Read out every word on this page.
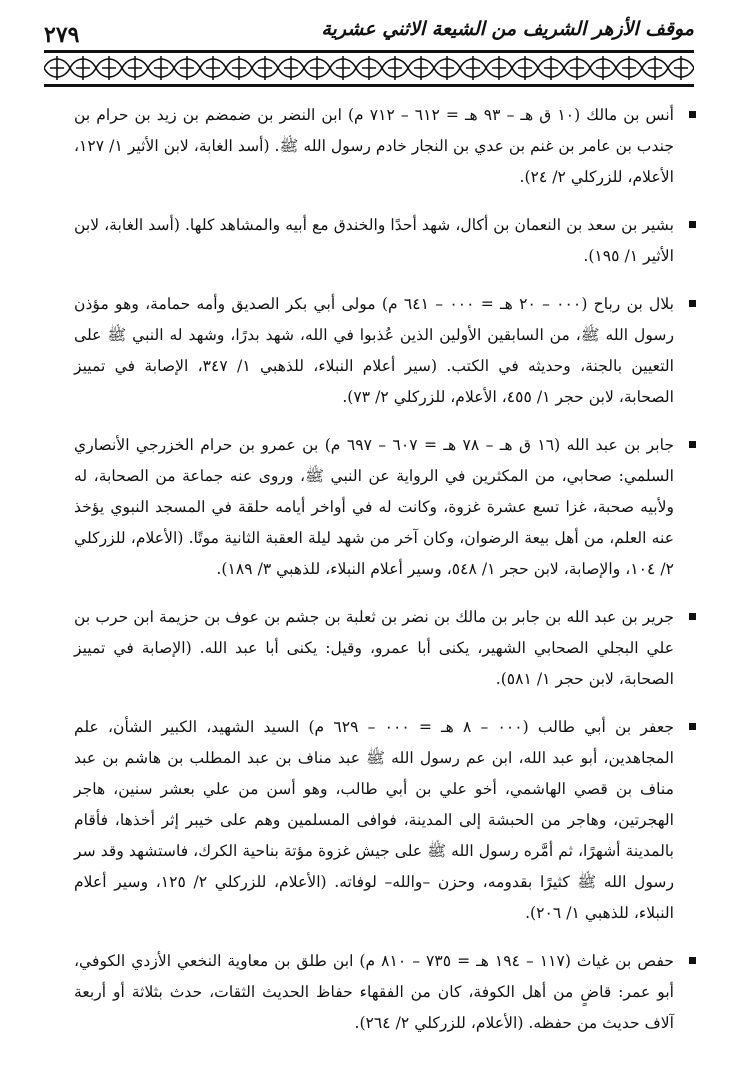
٢٧٩	موقف الأزهر الشريف من الشيعة الاثني عشرية
أنس بن مالك (١٠ ق هـ – ٩٣ هـ = ٦١٢ – ٧١٢ م) ابن النضر بن ضمضم بن زيد بن حرام بن جندب بن عامر بن غنم بن عدي بن النجار خادم رسول الله ﷺ. (أسد الغابة، لابن الأثير ١/ ١٢٧، الأعلام، للزركلي ٢/ ٢٤).
بشير بن سعد بن النعمان بن أكال، شهد أحدًا والخندق مع أبيه والمشاهد كلها. (أسد الغابة، لابن الأثير ١/ ١٩٥).
بلال بن رباح (٠٠٠ – ٢٠ هـ = ٠٠٠ – ٦٤١ م) مولى أبي بكر الصديق وأمه حمامة، وهو مؤذن رسول الله ﷺ، من السابقين الأولين الذين عُذبوا في الله، شهد بدرًا، وشهد له النبي ﷺ على التعيين بالجنة، وحديثه في الكتب. (سير أعلام النبلاء، للذهبي ١/ ٣٤٧، الإصابة في تمييز الصحابة، لابن حجر ١/ ٤٥٥، الأعلام، للزركلي ٢/ ٧٣).
جابر بن عبد الله (١٦ ق هـ – ٧٨ هـ = ٦٠٧ – ٦٩٧ م) بن عمرو بن حرام الخزرجي الأنصاري السلمي: صحابي، من المكثرين في الرواية عن النبي ﷺ، وروى عنه جماعة من الصحابة، له ولأبيه صحبة، غزا تسع عشرة غزوة، وكانت له في أواخر أيامه حلقة في المسجد النبوي يؤخذ عنه العلم، من أهل بيعة الرضوان، وكان آخر من شهد ليلة العقبة الثانية موتًا. (الأعلام، للزركلي ٢/ ١٠٤، والإصابة، لابن حجر ١/ ٥٤٨، وسير أعلام النبلاء، للذهبي ٣/ ١٨٩).
جرير بن عبد الله بن جابر بن مالك بن نضر بن ثعلبة بن جشم بن عوف بن حزيمة ابن حرب بن علي البجلي الصحابي الشهير، يكنى أبا عمرو، وقيل: يكنى أبا عبد الله. (الإصابة في تمييز الصحابة، لابن حجر ١/ ٥٨١).
جعفر بن أبي طالب (٠٠٠ – ٨ هـ = ٠٠٠ – ٦٢٩ م) السيد الشهيد، الكبير الشأن، علم المجاهدين، أبو عبد الله، ابن عم رسول الله ﷺ عبد مناف بن عبد المطلب بن هاشم بن عبد مناف بن قصي الهاشمي، أخو علي بن أبي طالب، وهو أسن من علي بعشر سنين، هاجر الهجرتين، وهاجر من الحبشة إلى المدينة، فوافى المسلمين وهم على خيبر إثر أخذها، فأقام بالمدينة أشهرًا، ثم أمَّره رسول الله ﷺ على جيش غزوة مؤتة بناحية الكرك، فاستشهد وقد سر رسول الله ﷺ كثيرًا بقدومه، وحزن –والله– لوفاته. (الأعلام، للزركلي ٢/ ١٢٥، وسير أعلام النبلاء، للذهبي ١/ ٢٠٦).
حفص بن غياث (١١٧ – ١٩٤ هـ = ٧٣٥ – ٨١٠ م) ابن طلق بن معاوية النخعي الأزدي الكوفي، أبو عمر: قاضٍ من أهل الكوفة، كان من الفقهاء حفاظ الحديث الثقات، حدث بثلاثة أو أربعة آلاف حديث من حفظه. (الأعلام، للزركلي ٢/ ٢٦٤).
